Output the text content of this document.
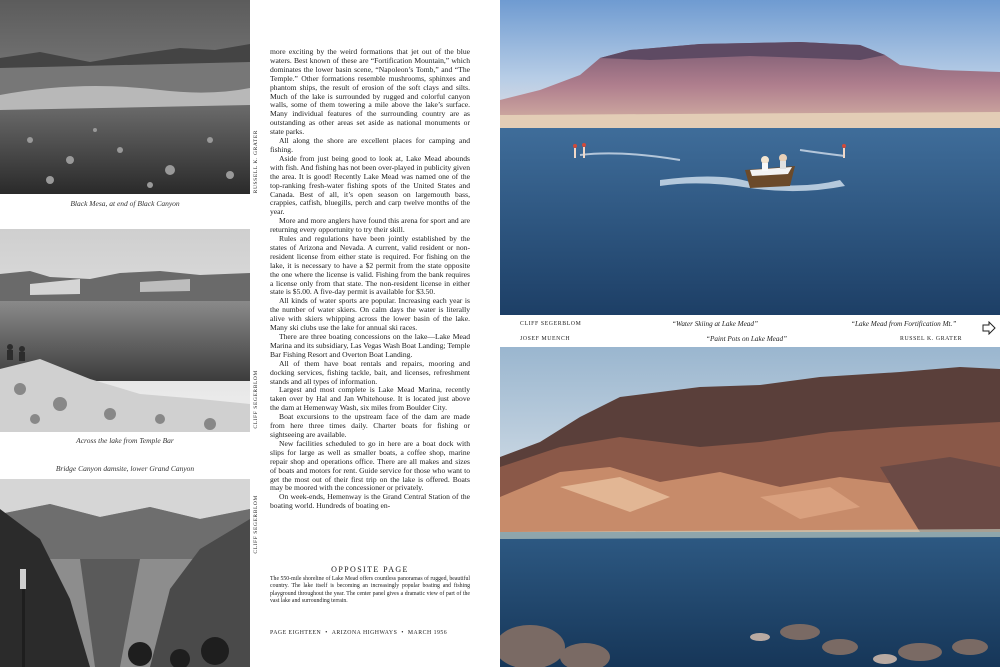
RUSSELL K. GRATER
Black Mesa, at end of Black Canyon
CLIFF SEGERBLOM
Across the lake from Temple Bar
Bridge Canyon damsite, lower Grand Canyon
CLIFF SEGERBLOM

more exciting by the weird formations that jet out of the blue waters. Best known of these are “Fortification Mountain,” which dominates the lower basin scene, “Napoleon’s Tomb,” and “The Temple.” Other formations resemble mushrooms, sphinxes and phantom ships, the result of erosion of the soft clays and silts. Much of the lake is surrounded by rugged and colorful canyon walls, some of them towering a mile above the lake’s surface. Many individual features of the surrounding country are as outstanding as other areas set aside as national monuments or state parks.

All along the shore are excellent places for camping and fishing.

Aside from just being good to look at, Lake Mead abounds with fish. And fishing has not been over-played in publicity given the area. It is good! Recently Lake Mead was named one of the top-ranking fresh-water fishing spots of the United States and Canada. Best of all, it’s open season on largemouth bass, crappies, catfish, bluegills, perch and carp twelve months of the year.

More and more anglers have found this arena for sport and are returning every opportunity to try their skill.

Rules and regulations have been jointly established by the states of Arizona and Nevada. A current, valid resident or non-resident license from either state is required. For fishing on the lake, it is necessary to have a $2 permit from the state opposite the one where the license is valid. Fishing from the bank requires a license only from that state. The non-resident license in either state is $5.00. A five-day permit is available for $3.50.

All kinds of water sports are popular. Increasing each year is the number of water skiers. On calm days the water is literally alive with skiers whipping across the lower basin of the lake. Many ski clubs use the lake for annual ski races.

There are three boating concessions on the lake—Lake Mead Marina and its subsidiary, Las Vegas Wash Boat Landing; Temple Bar Fishing Resort and Overton Boat Landing.

All of them have boat rentals and repairs, mooring and docking services, fishing tackle, bait, and licenses, refreshment stands and all types of information.

Largest and most complete is Lake Mead Marina, recently taken over by Hal and Jan Whitehouse. It is located just above the dam at Hemenway Wash, six miles from Boulder City.

Boat excursions to the upstream face of the dam are made from here three times daily. Charter boats for fishing or sightseeing are available.

New facilities scheduled to go in here are a boat dock with slips for large as well as smaller boats, a coffee shop, marine repair shop and operations office. There are all makes and sizes of boats and motors for rent. Guide service for those who want to get the most out of their first trip on the lake is offered. Boats may be moored with the concessioner or privately.

On week-ends, Hemenway is the Grand Central Station of the boating world. Hundreds of boating en-

OPPOSITE PAGE
The 550-mile shoreline of Lake Mead offers countless panoramas of rugged, beautiful country. The lake itself is becoming an increasingly popular boating and fishing playground throughout the year. The center panel gives a dramatic view of part of the vast lake and surrounding terrain.
PAGE EIGHTEEN • ARIZONA HIGHWAYS • MARCH 1956
CLIFF SEGERBLOM	“Water Skiing at Lake Mead”	“Lake Mead from Fortification Mt.”
JOSEF MUENCH	“Paint Pots on Lake Mead”	RUSSEL K. GRATER
